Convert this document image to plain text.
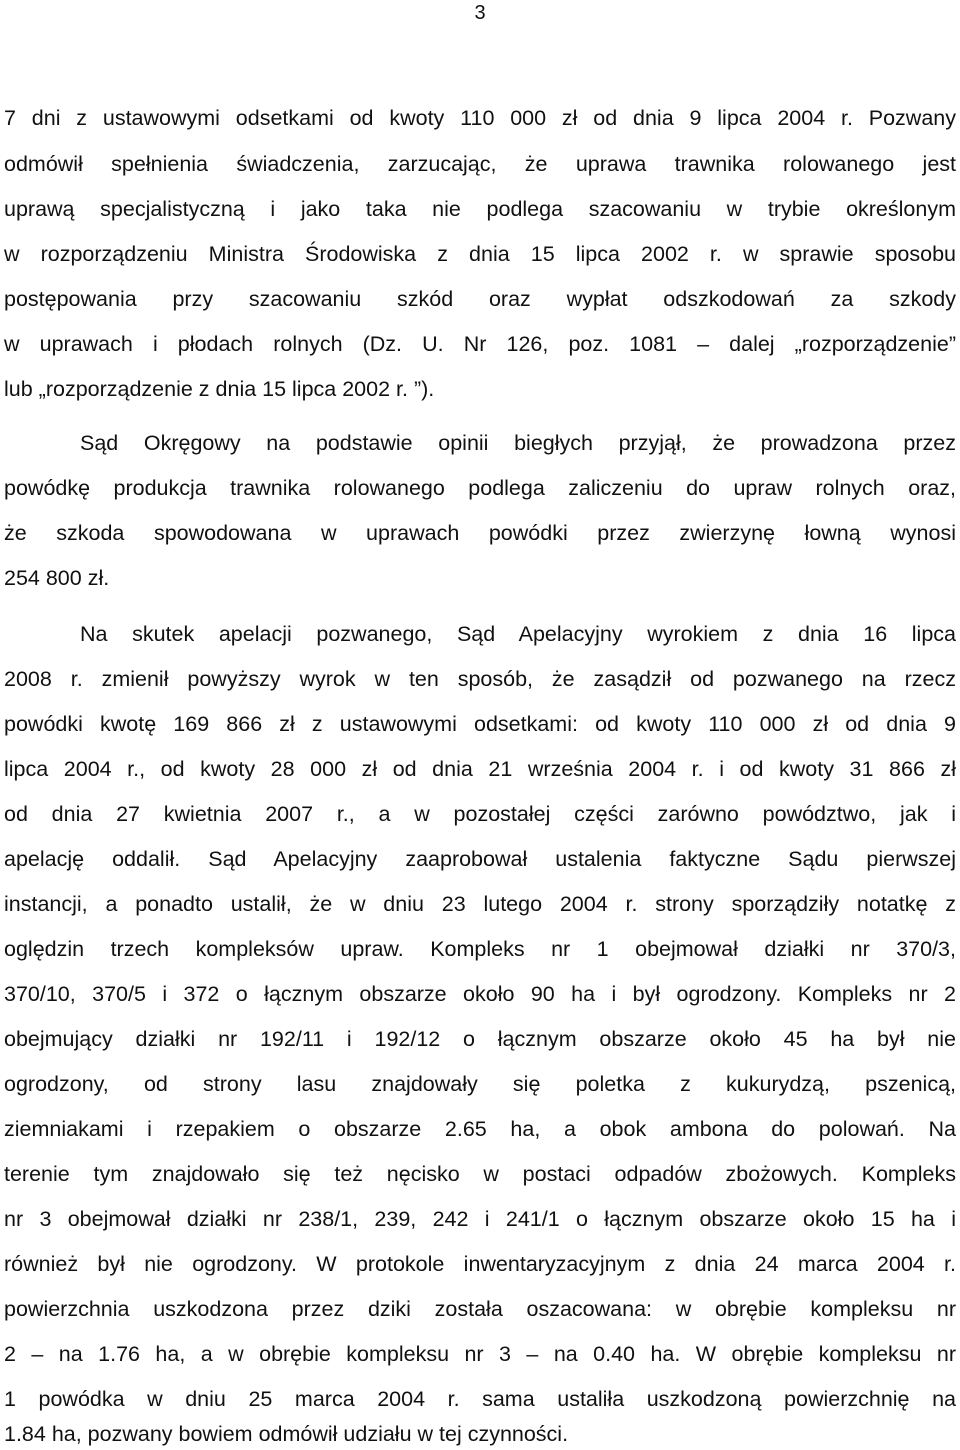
3
7 dni z ustawowymi odsetkami od kwoty 110 000 zł od dnia 9 lipca 2004 r. Pozwany
odmówił spełnienia świadczenia, zarzucając, że uprawa trawnika rolowanego jest
uprawą specjalistyczną i jako taka nie podlega szacowaniu w trybie określonym
w rozporządzeniu Ministra Środowiska z dnia 15 lipca 2002 r. w sprawie sposobu
postępowania przy szacowaniu szkód oraz wypłat odszkodowań za szkody
w uprawach i płodach rolnych (Dz. U. Nr 126, poz. 1081 – dalej „rozporządzenie”
lub „rozporządzenie z dnia 15 lipca 2002 r. ”).
Sąd Okręgowy na podstawie opinii biegłych przyjął, że prowadzona przez
powódkę produkcja trawnika rolowanego podlega zaliczeniu do upraw rolnych oraz,
że szkoda spowodowana w uprawach powódki przez zwierzynę łowną wynosi
254 800 zł.
Na skutek apelacji pozwanego, Sąd Apelacyjny wyrokiem z dnia 16 lipca
2008 r. zmienił powyższy wyrok w ten sposób, że zasądził od pozwanego na rzecz
powódki kwotę 169 866 zł z ustawowymi odsetkami: od kwoty 110 000 zł od dnia 9
lipca 2004 r., od kwoty 28 000 zł od dnia 21 września 2004 r. i od kwoty 31 866 zł
od dnia 27 kwietnia 2007 r., a w pozostałej części zarówno powództwo, jak i
apelację oddalił. Sąd Apelacyjny zaaprobował ustalenia faktyczne Sądu pierwszej
instancji, a ponadto ustalił, że w dniu 23 lutego 2004 r. strony sporządziły notatkę z
oględzin trzech kompleksów upraw. Kompleks nr 1 obejmował działki nr 370/3,
370/10, 370/5 i 372 o łącznym obszarze około 90 ha i był ogrodzony. Kompleks nr 2
obejmujący działki nr 192/11 i 192/12 o łącznym obszarze około 45 ha był nie
ogrodzony, od strony lasu znajdowały się poletka z kukurydzą, pszenicą,
ziemniakami i rzepakiem o obszarze 2.65 ha, a obok ambona do polowań. Na
terenie tym znajdowało się też nęcisko w postaci odpadów zbożowych. Kompleks
nr 3 obejmował działki nr 238/1, 239, 242 i 241/1 o łącznym obszarze około 15 ha i
również był nie ogrodzony. W protokole inwentaryzacyjnym z dnia 24 marca 2004 r.
powierzchnia uszkodzona przez dziki została oszacowana: w obrębie kompleksu nr
2 – na 1.76 ha, a w obrębie kompleksu nr 3 – na 0.40 ha. W obrębie kompleksu nr
1 powódka w dniu 25 marca 2004 r. sama ustaliła uszkodzoną powierzchnię na
1.84 ha, pozwany bowiem odmówił udziału w tej czynności.
